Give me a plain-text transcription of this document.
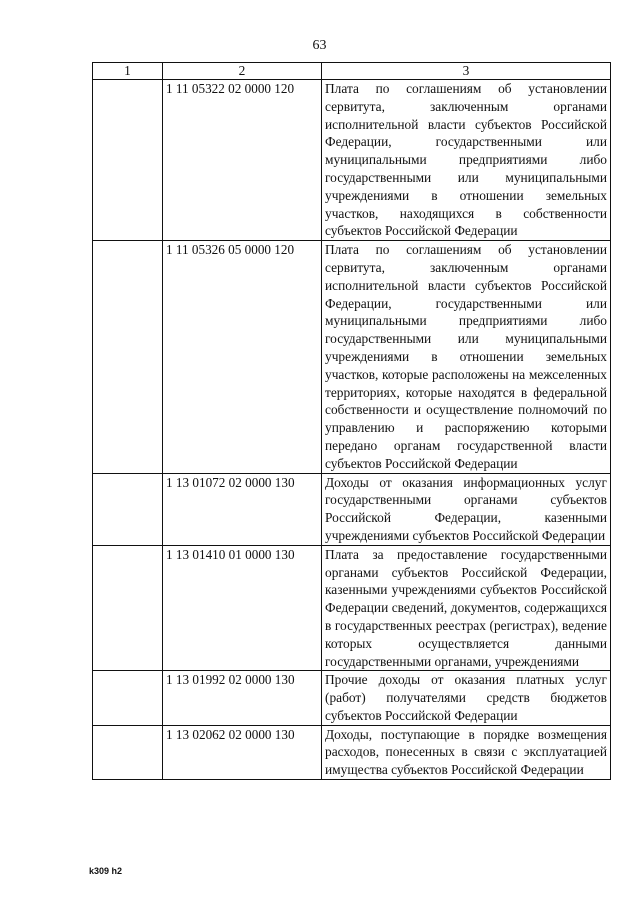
63
1	2	3
	1 11 05322 02 0000 120	Плата по соглашениям об установлении сервитута, заключенным органами исполнительной власти субъектов Российской Федерации, государственными или муниципальными предприятиями либо государственными или муниципальными учреждениями в отношении земельных участков, находящихся в собственности субъектов Российской Федерации
	1 11 05326 05 0000 120	Плата по соглашениям об установлении сервитута, заключенным органами исполнительной власти субъектов Российской Федерации, государственными или муниципальными предприятиями либо государственными или муниципальными учреждениями в отношении земельных участков, которые расположены на межселенных территориях, которые находятся в федеральной собственности и осуществление полномочий по управлению и распоряжению которыми передано органам государственной власти субъектов Российской Федерации
	1 13 01072 02 0000 130	Доходы от оказания информационных услуг государственными органами субъектов Российской Федерации, казенными учреждениями субъектов Российской Федерации
	1 13 01410 01 0000 130	Плата за предоставление государственными органами субъектов Российской Федерации, казенными учреждениями субъектов Российской Федерации сведений, документов, содержащихся в государственных реестрах (регистрах), ведение которых осуществляется данными государственными органами, учреждениями
	1 13 01992 02 0000 130	Прочие доходы от оказания платных услуг (работ) получателями средств бюджетов субъектов Российской Федерации
	1 13 02062 02 0000 130	Доходы, поступающие в порядке возмещения расходов, понесенных в связи с эксплуатацией имущества субъектов Российской Федерации
k309 h2
